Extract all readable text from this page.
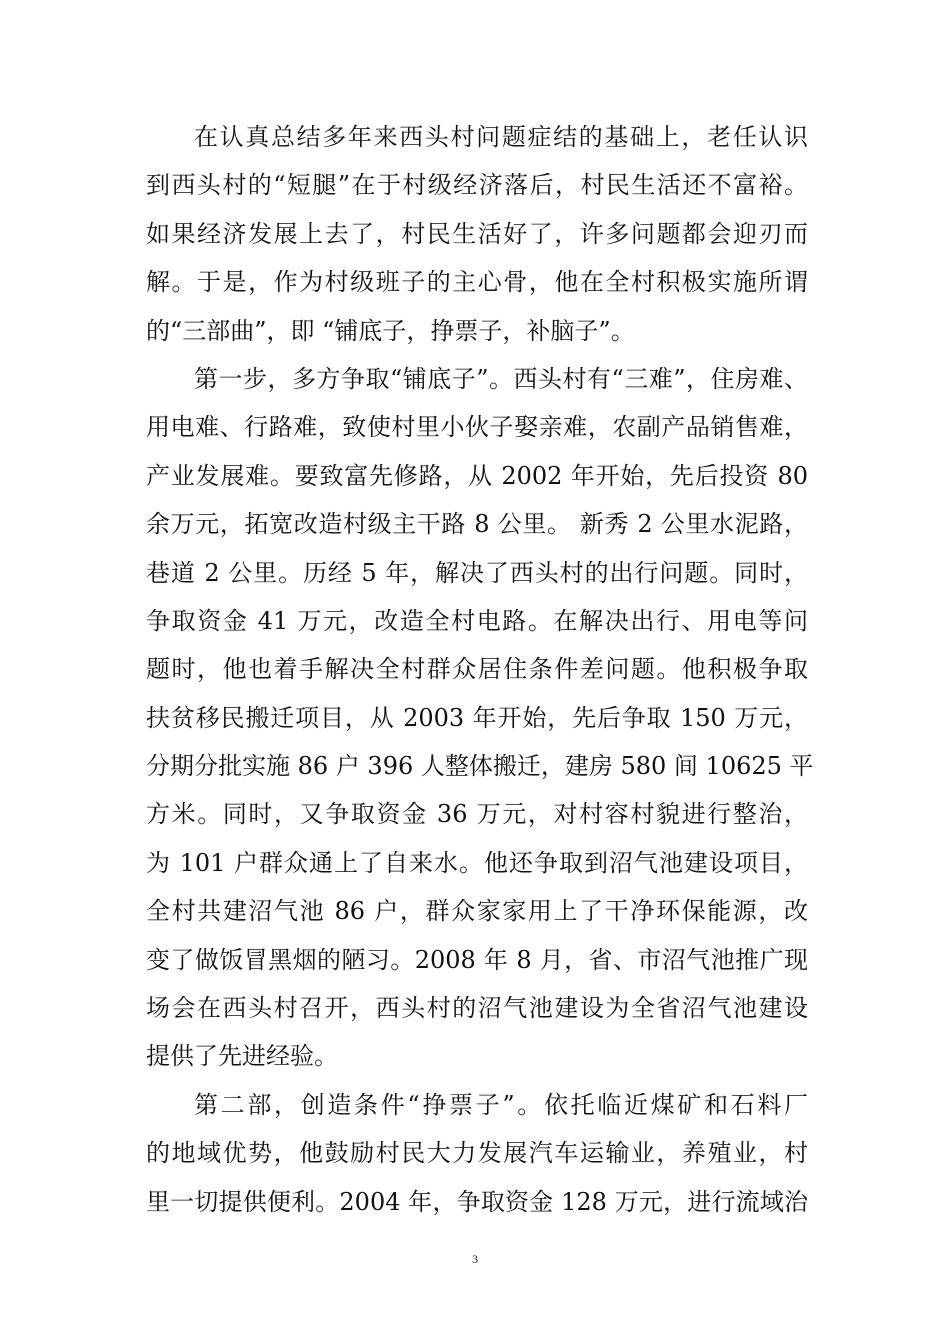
在认真总结多年来西头村问题症结的基础上，老任认识
到西头村的“短腿”在于村级经济落后，村民生活还不富裕。
如果经济发展上去了，村民生活好了，许多问题都会迎刃而
解。于是，作为村级班子的主心骨，他在全村积极实施所谓
的“三部曲”，即 “铺底子，挣票子，补脑子”。
第一步，多方争取“铺底子”。西头村有“三难”，住房难、
用电难、行路难，致使村里小伙子娶亲难，农副产品销售难，
产业发展难。要致富先修路，从 2002 年开始，先后投资 80
余万元，拓宽改造村级主干路 8 公里。 新秀 2 公里水泥路，
巷道 2 公里。历经 5 年，解决了西头村的出行问题。同时，
争取资金 41 万元，改造全村电路。在解决出行、用电等问
题时，他也着手解决全村群众居住条件差问题。他积极争取
扶贫移民搬迁项目，从 2003 年开始，先后争取 150 万元，
分期分批实施 86 户 396 人整体搬迁，建房 580 间 10625 平
方米。同时，又争取资金 36 万元，对村容村貌进行整治，
为 101 户群众通上了自来水。他还争取到沼气池建设项目，
全村共建沼气池 86 户，群众家家用上了干净环保能源，改
变了做饭冒黑烟的陋习。2008 年 8 月，省、市沼气池推广现
场会在西头村召开，西头村的沼气池建设为全省沼气池建设
提供了先进经验。
第二部，创造条件“挣票子”。依托临近煤矿和石料厂
的地域优势，他鼓励村民大力发展汽车运输业，养殖业，村
里一切提供便利。2004 年，争取资金 128 万元，进行流域治
3
